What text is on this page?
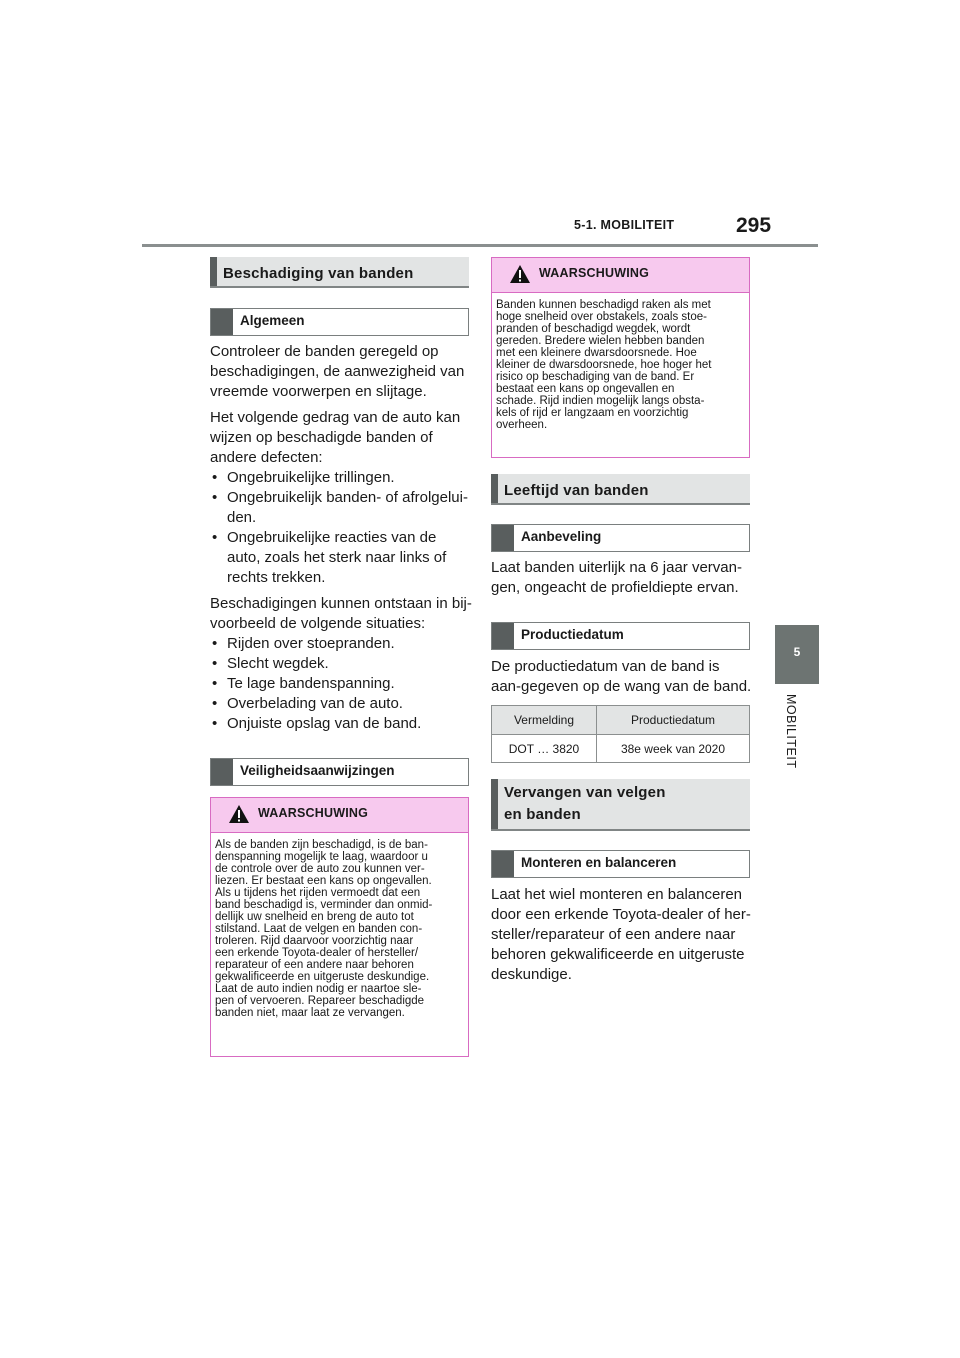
5-1. MOBILITEIT	295
5
MOBILITEIT
Beschadiging van banden
Algemeen

Controleer de banden geregeld op beschadigingen, de aanwezigheid van vreemde voorwerpen en slijtage.

Het volgende gedrag van de auto kan wijzen op beschadigde banden of andere defecten:

• Ongebruikelijke trillingen.

• Ongebruikelijk banden- of afrolgelui-den.

• Ongebruikelijke reacties van de auto, zoals het sterk naar links of rechts trekken.

Beschadigingen kunnen ontstaan in bij-voorbeeld de volgende situaties:

• Rijden over stoepranden.

• Slecht wegdek.

• Te lage bandenspanning.

• Overbelading van de auto.

• Onjuiste opslag van de band.

Veiligheidsaanwijzingen
WAARSCHUWING

Als de banden zijn beschadigd, is de ban-

denspanning mogelijk te laag, waardoor u

de controle over de auto zou kunnen ver-

liezen. Er bestaat een kans op ongevallen.

Als u tijdens het rijden vermoedt dat een

band beschadigd is, verminder dan onmid-

dellijk uw snelheid en breng de auto tot

stilstand. Laat de velgen en banden con-

troleren. Rijd daarvoor voorzichtig naar

een erkende Toyota-dealer of hersteller/

reparateur of een andere naar behoren

gekwalificeerde en uitgeruste deskundige.

Laat de auto indien nodig er naartoe sle-

pen of vervoeren. Repareer beschadigde

banden niet, maar laat ze vervangen.

WAARSCHUWING

Banden kunnen beschadigd raken als met

hoge snelheid over obstakels, zoals stoe-

pranden of beschadigd wegdek, wordt

gereden. Bredere wielen hebben banden

met een kleinere dwarsdoorsnede. Hoe

kleiner de dwarsdoorsnede, hoe hoger het

risico op beschadiging van de band. Er

bestaat een kans op ongevallen en

schade. Rijd indien mogelijk langs obsta-

kels of rijd er langzaam en voorzichtig

overheen.

Leeftijd van banden
Aanbeveling
Laat banden uiterlijk na 6 jaar vervan-gen, ongeacht de profieldiepte ervan.
Productiedatum
De productiedatum van de band is aan-gegeven op de wang van de band.
Vermelding	Productiedatum
DOT … 3820	38e week van 2020
Vervangen van velgen
en banden
Monteren en balanceren
Laat het wiel monteren en balanceren door een erkende Toyota-dealer of her-steller/reparateur of een andere naar behoren gekwalificeerde en uitgeruste deskundige.
